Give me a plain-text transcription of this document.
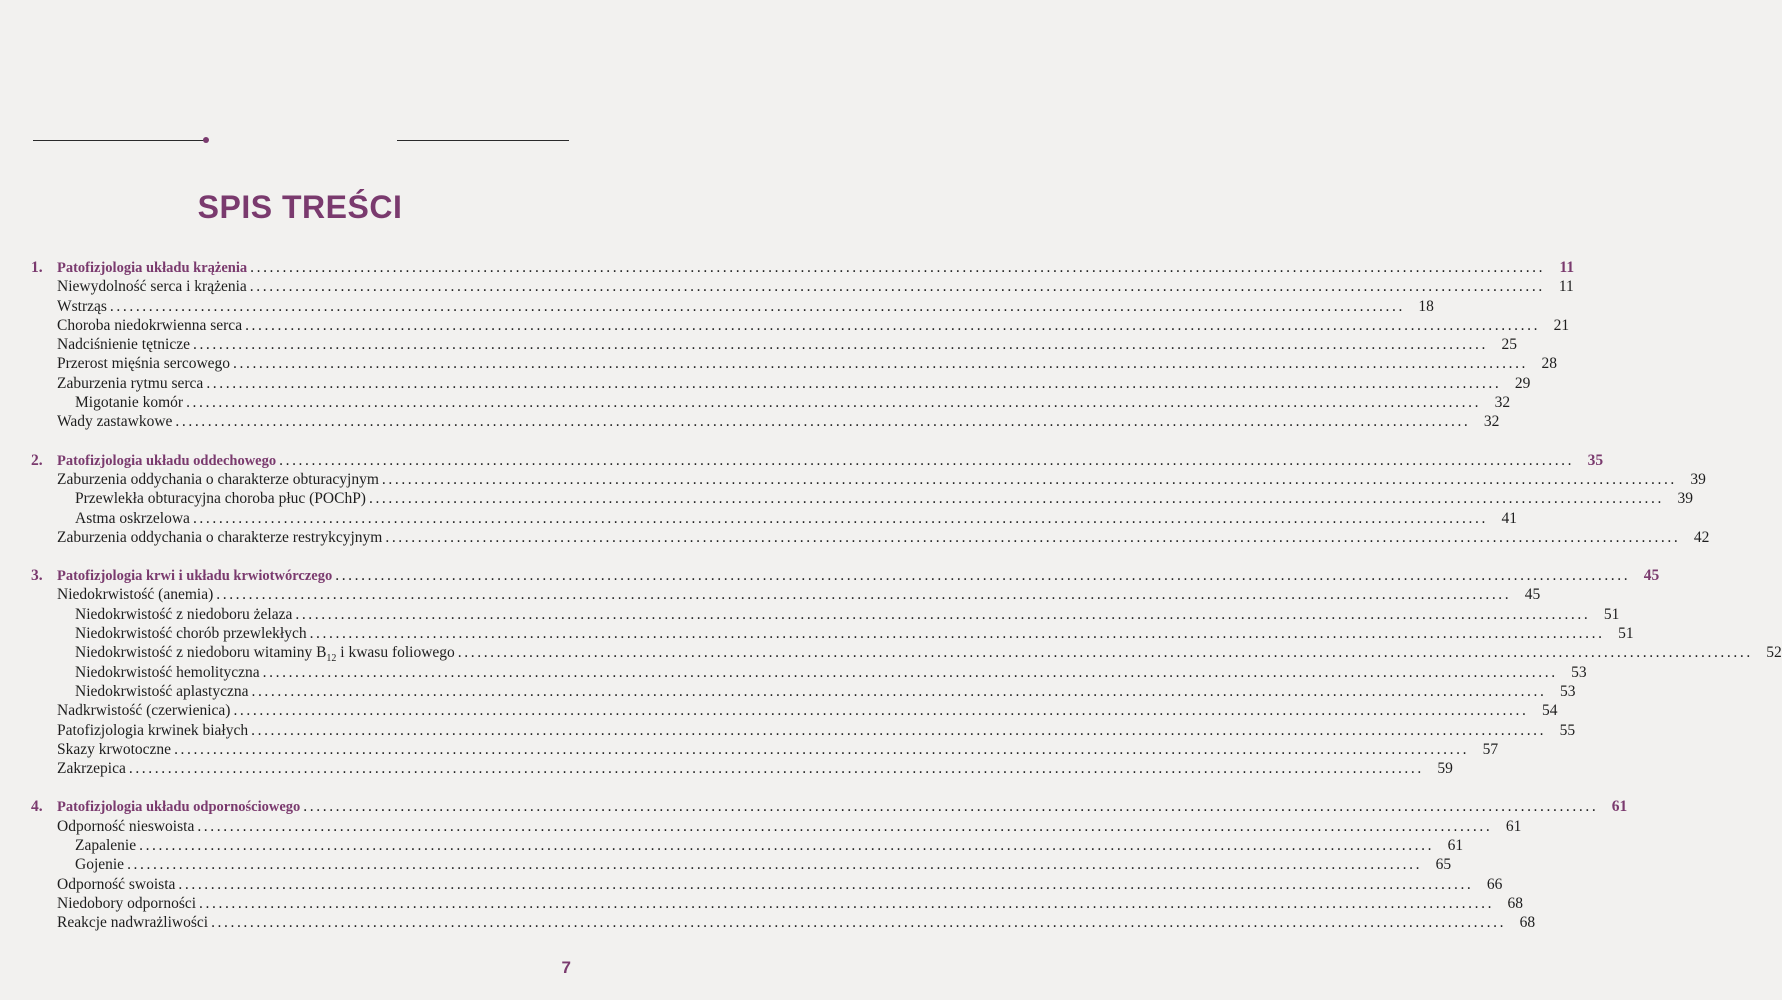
SPIS TREŚCI
1. Patofizjologia układu krążenia ........................................................................................................................................................................................................ 11
Niewydolność serca i krążenia ........................................................................................................................................................................................................ 11
Wstrząs ........................................................................................................................................................................................................ 18
Choroba niedokrwienna serca ........................................................................................................................................................................................................ 21
Nadciśnienie tętnicze ........................................................................................................................................................................................................ 25
Przerost mięśnia sercowego ........................................................................................................................................................................................................ 28
Zaburzenia rytmu serca ........................................................................................................................................................................................................ 29
Migotanie komór ........................................................................................................................................................................................................ 32
Wady zastawkowe ........................................................................................................................................................................................................ 32
2. Patofizjologia układu oddechowego ........................................................................................................................................................................................................ 35
Zaburzenia oddychania o charakterze obturacyjnym ........................................................................................................................................................................................................ 39
Przewlekła obturacyjna choroba płuc (POChP) ........................................................................................................................................................................................................ 39
Astma oskrzelowa ........................................................................................................................................................................................................ 41
Zaburzenia oddychania o charakterze restrykcyjnym ........................................................................................................................................................................................................ 42
3. Patofizjologia krwi i układu krwiotwórczego ........................................................................................................................................................................................................ 45
Niedokrwistość (anemia) ........................................................................................................................................................................................................ 45
Niedokrwistość z niedoboru żelaza ........................................................................................................................................................................................................ 51
Niedokrwistość chorób przewlekłych ........................................................................................................................................................................................................ 51
Niedokrwistość z niedoboru witaminy $B_{12}$ i kwasu foliowego ........................................................................................................................................................................................................ 52
Niedokrwistość hemolityczna ........................................................................................................................................................................................................ 53
Niedokrwistość aplastyczna ........................................................................................................................................................................................................ 53
Nadkrwistość (czerwienica) ........................................................................................................................................................................................................ 54
Patofizjologia krwinek białych ........................................................................................................................................................................................................ 55
Skazy krwotoczne ........................................................................................................................................................................................................ 57
Zakrzepica ........................................................................................................................................................................................................ 59
4. Patofizjologia układu odpornościowego ........................................................................................................................................................................................................ 61
Odporność nieswoista ........................................................................................................................................................................................................ 61
Zapalenie ........................................................................................................................................................................................................ 61
Gojenie ........................................................................................................................................................................................................ 65
Odporność swoista ........................................................................................................................................................................................................ 66
Niedobory odporności ........................................................................................................................................................................................................ 68
Reakcje nadwrażliwości ........................................................................................................................................................................................................ 68
7
